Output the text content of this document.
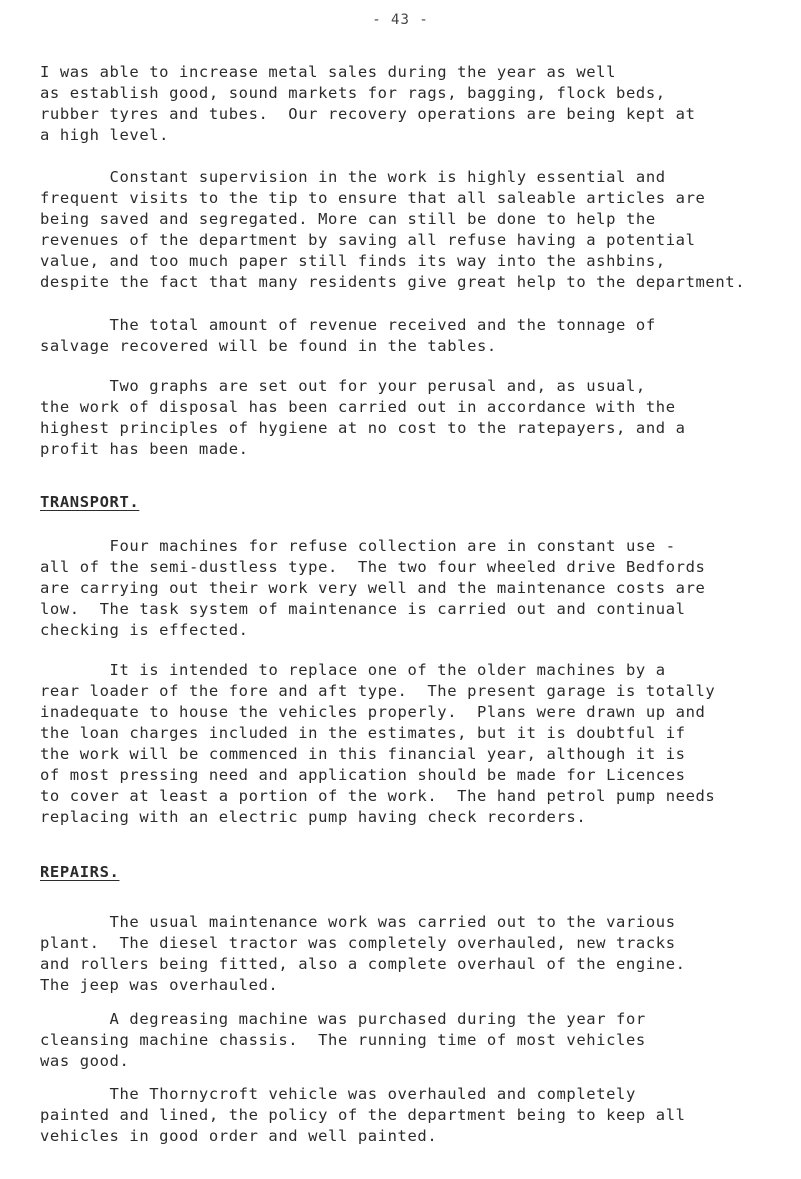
- 43 -

I was able to increase metal sales during the year as well
as establish good, sound markets for rags, bagging, flock beds,
rubber tyres and tubes.  Our recovery operations are being kept at
a high level.

Constant supervision in the work is highly essential and
frequent visits to the tip to ensure that all saleable articles are
being saved and segregated. More can still be done to help the
revenues of the department by saving all refuse having a potential
value, and too much paper still finds its way into the ashbins,
despite the fact that many residents give great help to the department.

The total amount of revenue received and the tonnage of
salvage recovered will be found in the tables.

Two graphs are set out for your perusal and, as usual,
the work of disposal has been carried out in accordance with the
highest principles of hygiene at no cost to the ratepayers, and a
profit has been made.

TRANSPORT.

Four machines for refuse collection are in constant use -
all of the semi-dustless type.  The two four wheeled drive Bedfords
are carrying out their work very well and the maintenance costs are
low.  The task system of maintenance is carried out and continual
checking is effected.

It is intended to replace one of the older machines by a
rear loader of the fore and aft type.  The present garage is totally
inadequate to house the vehicles properly.  Plans were drawn up and
the loan charges included in the estimates, but it is doubtful if
the work will be commenced in this financial year, although it is
of most pressing need and application should be made for Licences
to cover at least a portion of the work.  The hand petrol pump needs
replacing with an electric pump having check recorders.

REPAIRS.

The usual maintenance work was carried out to the various
plant.  The diesel tractor was completely overhauled, new tracks
and rollers being fitted, also a complete overhaul of the engine.
The jeep was overhauled.

A degreasing machine was purchased during the year for
cleansing machine chassis.  The running time of most vehicles
was good.

The Thornycroft vehicle was overhauled and completely
painted and lined, the policy of the department being to keep all
vehicles in good order and well painted.
